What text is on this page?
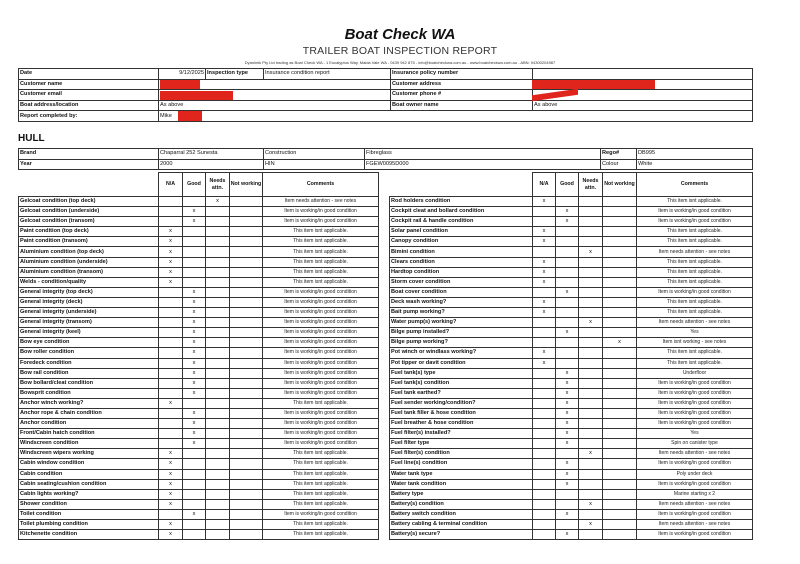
Boat Check WA
TRAILER BOAT INSPECTION REPORT
Dyanimik Pty Ltd trading as Boat Check WA - 1 Eucalyptus Way, Maida Vale WA - 0439 942 875 - info@boatcheckwa.com.au - www.boatcheckwa.com.au - ABN: 94300204987
Date	9/12/2025	Inspection type	Insurance condition report	Insurance policy number	
Customer name				Customer address	
Customer email				Customer phone #	
Boat address/location	As above			Boat owner name	As above
Report completed by:	Mike				
HULL
Brand	Chaparral 252 Sunesta	Construction	Fibreglass	Rego#	DB995
Year	2000	HIN	FGEW0095D000	Colour	White
	N/A	Good	Needs attn.	Not working	Comments
Gelcoat condition (top deck)			x		Item needs attention - see notes
Gelcoat condition (underside)		x			Item is working/in good condition
Gelcoat condition (transom)		x			Item is working/in good condition
Paint condition (top deck)	x				This item isnt applicable.
Paint condition (transom)	x				This item isnt applicable.
Aluminium condition (top deck)	x				This item isnt applicable.
Aluminium condition (underside)	x				This item isnt applicable.
Aluminium condition (transom)	x				This item isnt applicable.
Welds - condition/quality	x				This item isnt applicable.
General integrity (top deck)		x			Item is working/in good condition
General integrity (deck)		x			Item is working/in good condition
General integrity (underside)		x			Item is working/in good condition
General integrity (transom)		x			Item is working/in good condition
General integrity (keel)		x			Item is working/in good condition
Bow eye condition		x			Item is working/in good condition
Bow roller condition		x			Item is working/in good condition
Foredeck condition		x			Item is working/in good condition
Bow rail condition		x			Item is working/in good condition
Bow bollard/cleat condition		x			Item is working/in good condition
Bowsprit condition		x			Item is working/in good condition
Anchor winch working?	x				This item isnt applicable.
Anchor rope & chain condition		x			Item is working/in good condition
Anchor condition		x			Item is working/in good condition
Front/Cabin hatch condition		x			Item is working/in good condition
Windscreen condition		x			Item is working/in good condition
Windscreen wipers working	x				This item isnt applicable.
Cabin window condition	x				This item isnt applicable.
Cabin condition	x				This item isnt applicable.
Cabin seating/cushion condition	x				This item isnt applicable.
Cabin lights working?	x				This item isnt applicable.
Shower condition	x				This item isnt applicable.
Toilet condition		x			Item is working/in good condition
Toilet plumbing condition	x				This item isnt applicable.
Kitchenette condition	x				This item isnt applicable.
	N/A	Good	Needs attn.	Not working	Comments
Rod holders condition	x				This item isnt applicable.
Cockpit cleat and bollard condition		x			Item is working/in good condition
Cockpit rail & handle condition		x			Item is working/in good condition
Solar panel condition	x				This item isnt applicable.
Canopy condition	x				This item isnt applicable.
Bimini condition			x		Item needs attention - see notes
Clears condition	x				This item isnt applicable.
Hardtop condition	x				This item isnt applicable.
Storm cover condition	x				This item isnt applicable.
Boat cover condition		x			Item is working/in good condition
Deck wash working?	x				This item isnt applicable.
Bait pump working?	x				This item isnt applicable.
Water pump(s) working?			x		Item needs attention - see notes
Bilge pump installed?		x			Yes
Bilge pump working?				x	Item isnt working - see notes
Pot winch or windlass working?	x				This item isnt applicable.
Pot tipper or davit condition	x				This item isnt applicable.
Fuel tank(s) type		x			Underfloor
Fuel tank(s) condition		x			Item is working/in good condition
Fuel tank earthed?		x			Item is working/in good condition
Fuel sender working/condition?		x			Item is working/in good condition
Fuel tank filler & hose condition		x			Item is working/in good condition
Fuel breather & hose condition		x			Item is working/in good condition
Fuel filter(s) installed?		x			Yes
Fuel filter type		x			Spin on canister type
Fuel filter(s) condition			x		Item needs attention - see notes
Fuel line(s) condition		x			Item is working/in good condition
Water tank type		x			Poly under deck
Water tank condition		x			Item is working/in good condition
Battery type					Marine starting x 2
Battery(s) condition			x		Item needs attention - see notes
Battery switch condition		x			Item is working/in good condition
Battery cabling & terminal condition			x		Item needs attention - see notes
Battery(s) secure?		x			Item is working/in good condition
